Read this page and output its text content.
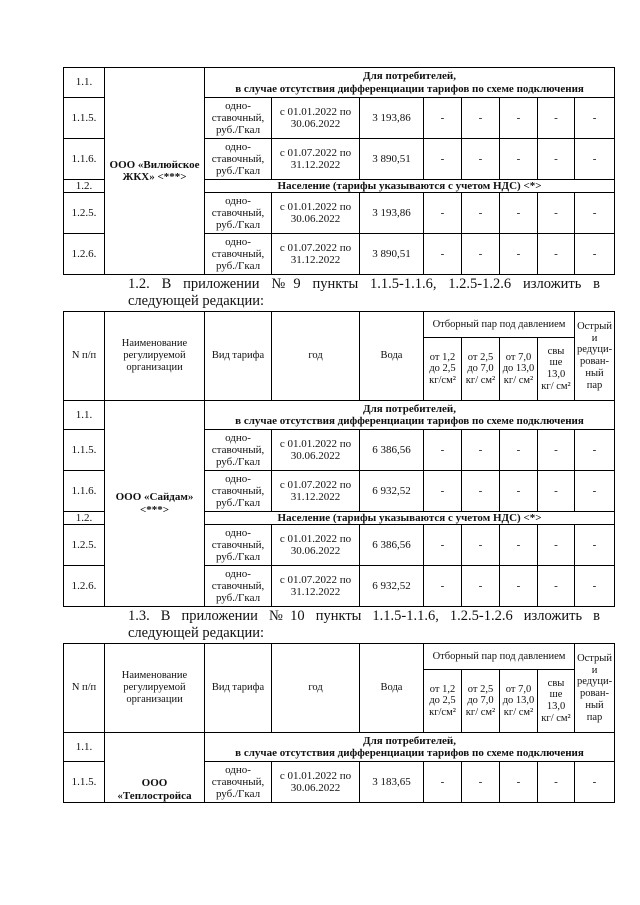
1.1.	ООО «Вилюйское ЖКХ» <***>	Для потребителей,
в случае отсутствия дифференциации тарифов по схеме подключения							

1.1.5.		одно-ставочный, руб./Гкал	с 01.01.2022 по 30.06.2022	3 193,86	-	-	-	-	-
1.1.6.		одно-ставочный, руб./Гкал	с 01.07.2022 по 31.12.2022	3 890,51	-	-	-	-	-
1.2.		Население (тарифы указываются с учетом НДС) <*>							
1.2.5.		одно-ставочный, руб./Гкал	с 01.01.2022 по 30.06.2022	3 193,86	-	-	-	-	-
1.2.6.		одно-ставочный, руб./Гкал	с 01.07.2022 по 31.12.2022	3 890,51	-	-	-	-	-
1.2. В приложении №9 пункты 1.1.5-1.1.6, 1.2.5-1.2.6 изложить в следующей редакции:
N п/п	Наименование регулируемой организации	Вид тарифа	год	Вода	Отборный пар под давлением				Острый и редуци-рован-ный пар
					от 1,2 до 2,5 кг/см²	от 2,5 до 7,0 кг/ см²	от 7,0 до 13,0 кг/ см²	свы ше 13,0 кг/ см²	
1.1.	ООО «Сайдам» <***>	Для потребителей,
в случае отсутствия дифференциации тарифов по схеме подключения							

1.1.5.		одно-ставочный, руб./Гкал	с 01.01.2022 по 30.06.2022	6 386,56	-	-	-	-	-
1.1.6.		одно-ставочный, руб./Гкал	с 01.07.2022 по 31.12.2022	6 932,52	-	-	-	-	-
1.2.		Население (тарифы указываются с учетом НДС) <*>							
1.2.5.		одно-ставочный, руб./Гкал	с 01.01.2022 по 30.06.2022	6 386,56	-	-	-	-	-
1.2.6.		одно-ставочный, руб./Гкал	с 01.07.2022 по 31.12.2022	6 932,52	-	-	-	-	-
1.3. В приложении №10 пункты 1.1.5-1.1.6, 1.2.5-1.2.6 изложить в следующей редакции:
N п/п	Наименование регулируемой организации	Вид тарифа	год	Вода	Отборный пар под давлением				Острый и редуци-рован-ный пар
					от 1,2 до 2,5 кг/см²	от 2,5 до 7,0 кг/ см²	от 7,0 до 13,0 кг/ см²	свы ше 13,0 кг/ см²	
1.1.	ООО «Теплостройса	Для потребителей,
в случае отсутствия дифференциации тарифов по схеме подключения							

1.1.5.		одно-ставочный, руб./Гкал	с 01.01.2022 по 30.06.2022	3 183,65	-	-	-	-	-
